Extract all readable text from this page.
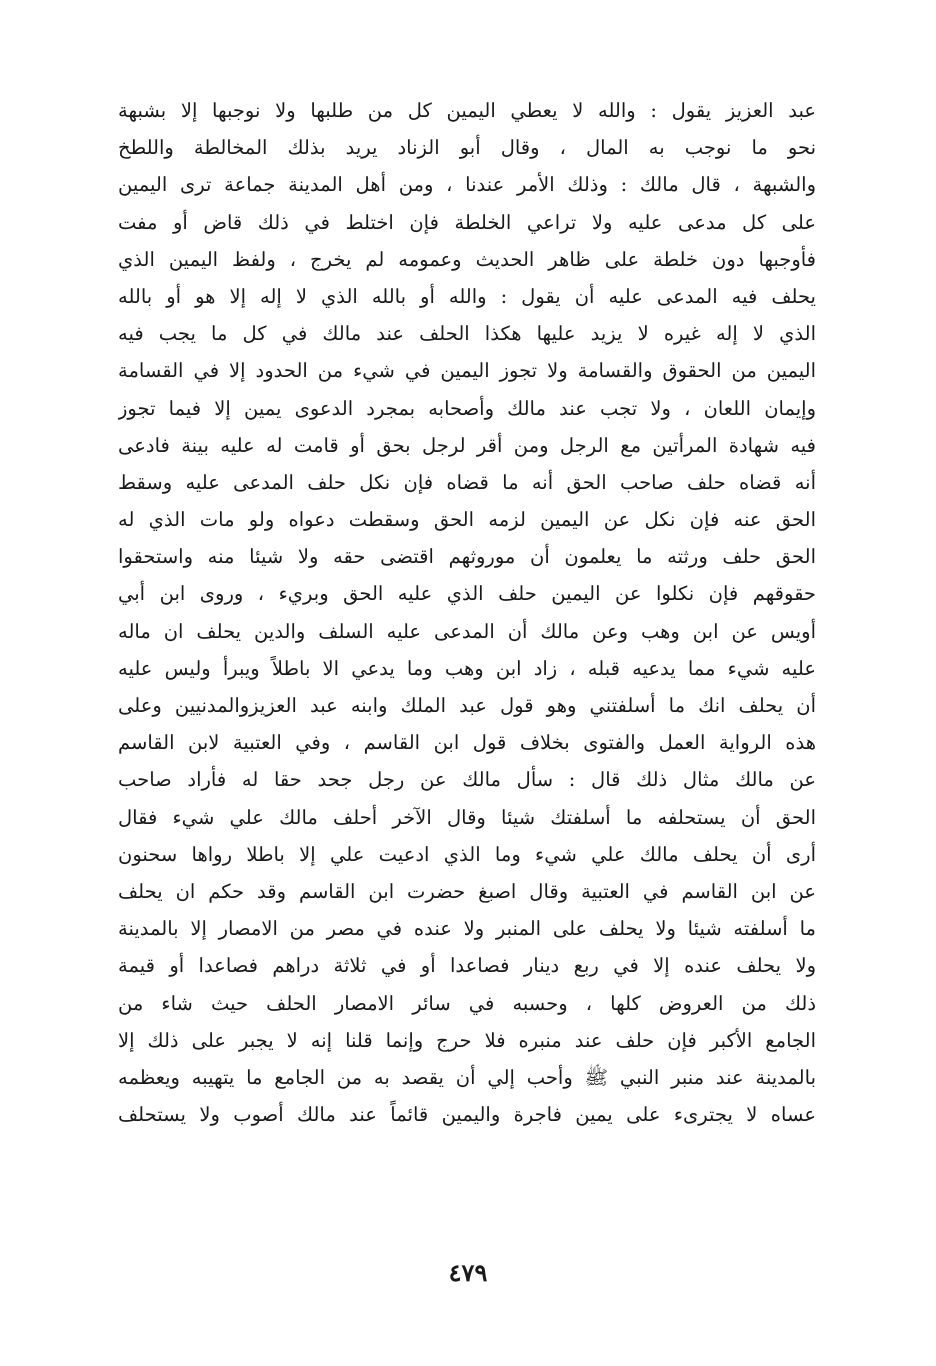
عبد العزيز يقول : والله لا يعطي اليمين كل من طلبها ولا نوجبها إلا بشبهة
نحو ما نوجب به المال ، وقال أبو الزناد يريد بذلك المخالطة واللطخ
والشبهة ، قال مالك : وذلك الأمر عندنا ، ومن أهل المدينة جماعة ترى اليمين
على كل مدعى عليه ولا تراعي الخلطة فإن اختلط في ذلك قاض أو مفت
فأوجبها دون خلطة على ظاهر الحديث وعمومه لم يخرج ، ولفظ اليمين الذي
يحلف فيه المدعى عليه أن يقول : والله أو بالله الذي لا إله إلا هو أو بالله
الذي لا إله غيره لا يزيد عليها هكذا الحلف عند مالك في كل ما يجب فيه
اليمين من الحقوق والقسامة ولا تجوز اليمين في شيء من الحدود إلا في القسامة
وإيمان اللعان ، ولا تجب عند مالك وأصحابه بمجرد الدعوى يمين إلا فيما تجوز
فيه شهادة المرأتين مع الرجل ومن أقر لرجل بحق أو قامت له عليه بينة فادعى
أنه قضاه حلف صاحب الحق أنه ما قضاه فإن نكل حلف المدعى عليه وسقط
الحق عنه فإن نكل عن اليمين لزمه الحق وسقطت دعواه ولو مات الذي له
الحق حلف ورثته ما يعلمون أن موروثهم اقتضى حقه ولا شيئا منه واستحقوا
حقوقهم فإن نكلوا عن اليمين حلف الذي عليه الحق وبريء ، وروى ابن أبي
أويس عن ابن وهب وعن مالك أن المدعى عليه السلف والدين يحلف ان ماله
عليه شيء مما يدعيه قبله ، زاد ابن وهب وما يدعي الا باطلاً ويبرأ وليس عليه
أن يحلف انك ما أسلفتني وهو قول عبد الملك وابنه عبد العزيزوالمدنيين وعلى
هذه الرواية العمل والفتوى بخلاف قول ابن القاسم ، وفي العتبية لابن القاسم
عن مالك مثال ذلك قال : سأل مالك عن رجل جحد حقا له فأراد صاحب
الحق أن يستحلفه ما أسلفتك شيئا وقال الآخر أحلف مالك علي شيء فقال
أرى أن يحلف مالك علي شيء وما الذي ادعيت علي إلا باطلا رواها سحنون
عن ابن القاسم في العتبية وقال اصبغ حضرت ابن القاسم وقد حكم ان يحلف
ما أسلفته شيئا ولا يحلف على المنبر ولا عنده في مصر من الامصار إلا بالمدينة
ولا يحلف عنده إلا في ربع دينار فصاعدا أو في ثلاثة دراهم فصاعدا أو قيمة
ذلك من العروض كلها ، وحسبه في سائر الامصار الحلف حيث شاء من
الجامع الأكبر فإن حلف عند منبره فلا حرج وإنما قلنا إنه لا يجبر على ذلك إلا
بالمدينة عند منبر النبي ﷺ وأحب إلي أن يقصد به من الجامع ما يتهيبه ويعظمه
عساه لا يجترىء على يمين فاجرة واليمين قائماً عند مالك أصوب ولا يستحلف
٤٧٩
